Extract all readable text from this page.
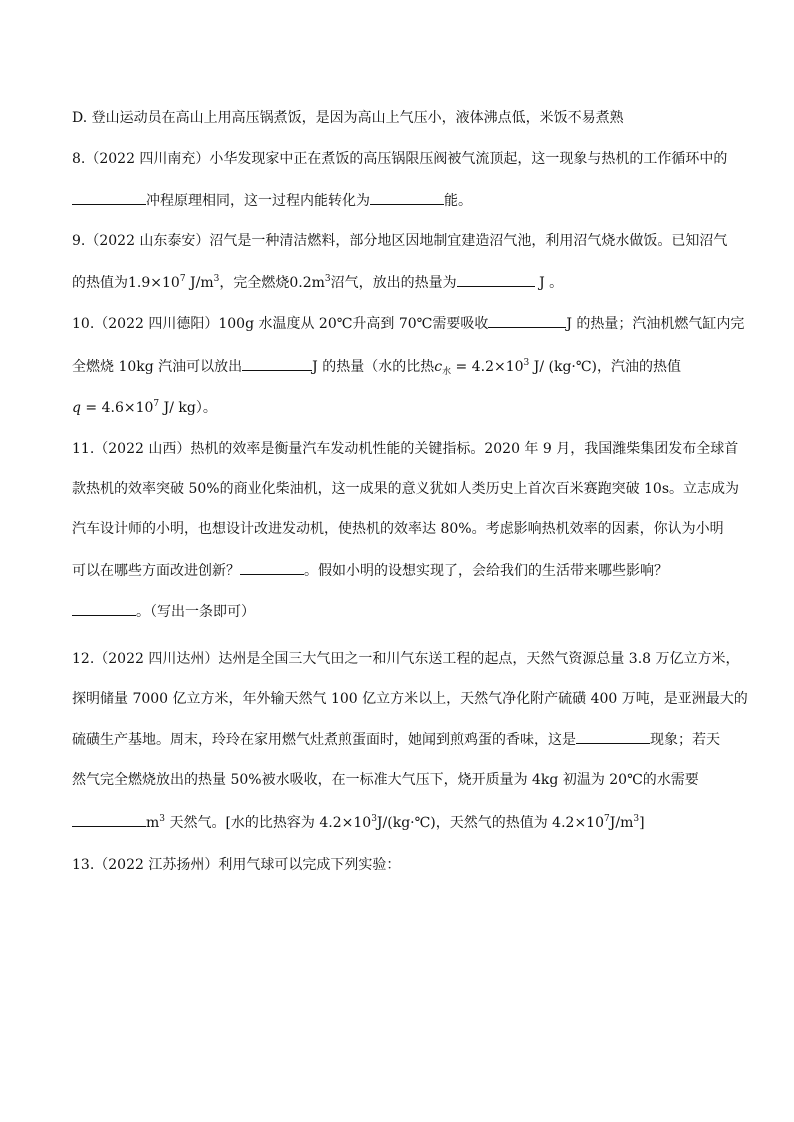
D. 登山运动员在高山上用高压锅煮饭，是因为高山上气压小，液体沸点低，米饭不易煮熟
8.（2022 四川南充）小华发现家中正在煮饭的高压锅限压阀被气流顶起，这一现象与热机的工作循环中的
冲程原理相同，这一过程内能转化为	能。
9.（2022 山东泰安）沼气是一种清洁燃料，部分地区因地制宜建造沼气池，利用沼气烧水做饭。已知沼气
的热值为$1.9\times 10^7$ $J/m^3$，完全燃烧$0.2m^3$沼气，放出的热量为	J 。
10.（2022 四川德阳）100g 水温度从 20℃升高到 70℃需要吸收	J 的热量；汽油机燃气缸内完
全燃烧 10kg 汽油可以放出	J 的热量（水的比热$c_水 = 4.2\times 10^3$ J/ (kg·℃)，汽油的热值
$q = 4.6\times 10^7$ J/ kg）。
11.（2022 山西）热机的效率是衡量汽车发动机性能的关键指标。2020 年 9 月，我国潍柴集团发布全球首
款热机的效率突破 50%的商业化柴油机，这一成果的意义犹如人类历史上首次百米赛跑突破 10s。立志成为
汽车设计师的小明，也想设计改进发动机，使热机的效率达 80%。考虑影响热机效率的因素，你认为小明
可以在哪些方面改进创新？	。假如小明的设想实现了，会给我们的生活带来哪些影响？
。（写出一条即可）
12.（2022 四川达州）达州是全国三大气田之一和川气东送工程的起点，天然气资源总量 3.8 万亿立方米，
探明储量 7000 亿立方米，年外输天然气 100 亿立方米以上，天然气净化附产硫磺 400 万吨，是亚洲最大的
硫磺生产基地。周末，玲玲在家用燃气灶煮煎蛋面时，她闻到煎鸡蛋的香味，这是	现象；若天
然气完全燃烧放出的热量 50%被水吸收，在一标准大气压下，烧开质量为 4kg 初温为 20℃的水需要
$m^3$ 天然气。[水的比热容为 $4.2\times 10^3J/(kg\cdot℃)$，天然气的热值为 $4.2\times 10^7J/m^3$]
13.（2022 江苏扬州）利用气球可以完成下列实验：
